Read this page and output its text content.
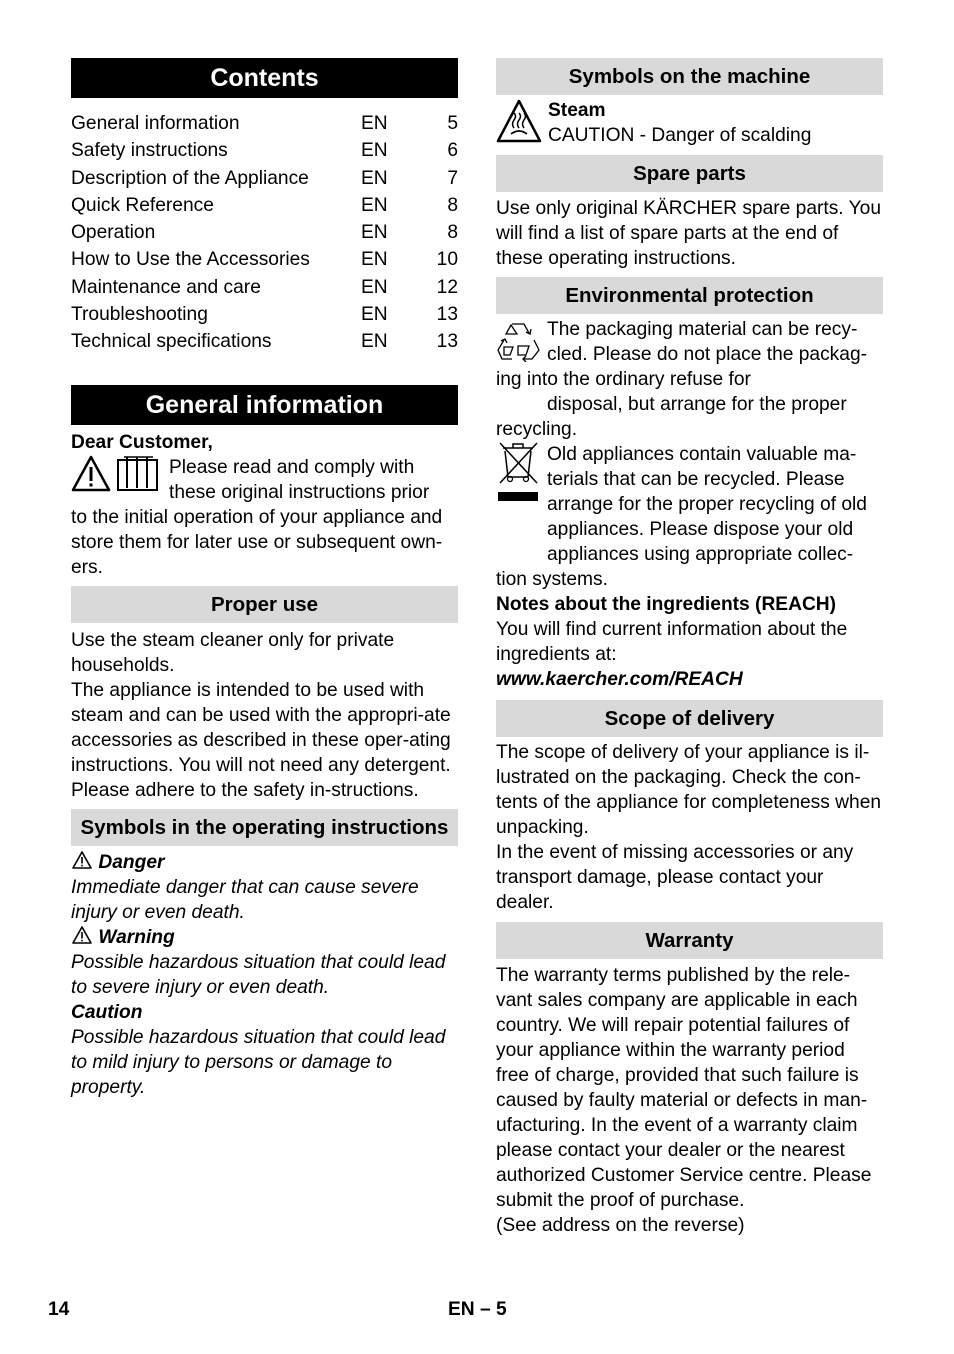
Contents
General information	EN	5
Safety instructions	EN	6
Description of the Appliance	EN	7
Quick Reference	EN	8
Operation	EN	8
How to Use the Accessories	EN	10
Maintenance and care	EN	12
Troubleshooting	EN	13
Technical specifications	EN	13
General information

Dear Customer,

Please read and comply with

these original instructions prior

to the initial operation of your appliance and store them for later use or subsequent own-ers.

Proper use

Use the steam cleaner only for private households.

The appliance is intended to be used with steam and can be used with the appropri-ate accessories as described in these oper-ating instructions. You will not need any detergent. Please adhere to the safety in-structions.

Symbols in the operating instructions

Danger

Immediate danger that can cause severe injury or even death.

Warning

Possible hazardous situation that could lead to severe injury or even death.

Caution

Possible hazardous situation that could lead to mild injury to persons or damage to property.

Symbols on the machine

Steam

CAUTION - Danger of scalding

Spare parts

Use only original KÄRCHER spare parts. You will find a list of spare parts at the end of these operating instructions.

Environmental protection

The packaging material can be recy-

cled. Please do not place the packag-

ing into the ordinary refuse for

disposal, but arrange for the proper

recycling.

Old appliances contain valuable ma-

terials that can be recycled. Please

arrange for the proper recycling of old

appliances. Please dispose your old

appliances using appropriate collec-

tion systems.

Notes about the ingredients (REACH)

You will find current information about the ingredients at:

www.kaercher.com/REACH

Scope of delivery

The scope of delivery of your appliance is il-lustrated on the packaging. Check the con-tents of the appliance for completeness when unpacking.

In the event of missing accessories or any transport damage, please contact your dealer.

Warranty

The warranty terms published by the rele-vant sales company are applicable in each country. We will repair potential failures of your appliance within the warranty period free of charge, provided that such failure is caused by faulty material or defects in man-ufacturing. In the event of a warranty claim please contact your dealer or the nearest authorized Customer Service centre. Please submit the proof of purchase.

(See address on the reverse)

14	EN – 5
